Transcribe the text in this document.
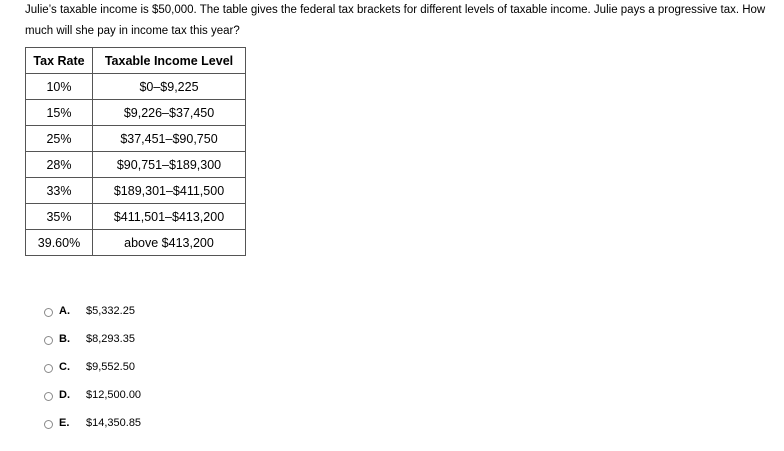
Julie’s taxable income is $50,000. The table gives the federal tax brackets for different levels of taxable income. Julie pays a progressive tax. How
much will she pay in income tax this year?
Tax Rate	Taxable Income Level
10%	$0–$9,225
15%	$9,226–$37,450
25%	$37,451–$90,750
28%	$90,751–$189,300
33%	$189,301–$411,500
35%	$411,501–$413,200
39.60%	above $413,200
A.	$5,332.25
B.	$8,293.35
C.	$9,552.50
D.	$12,500.00
E.	$14,350.85
